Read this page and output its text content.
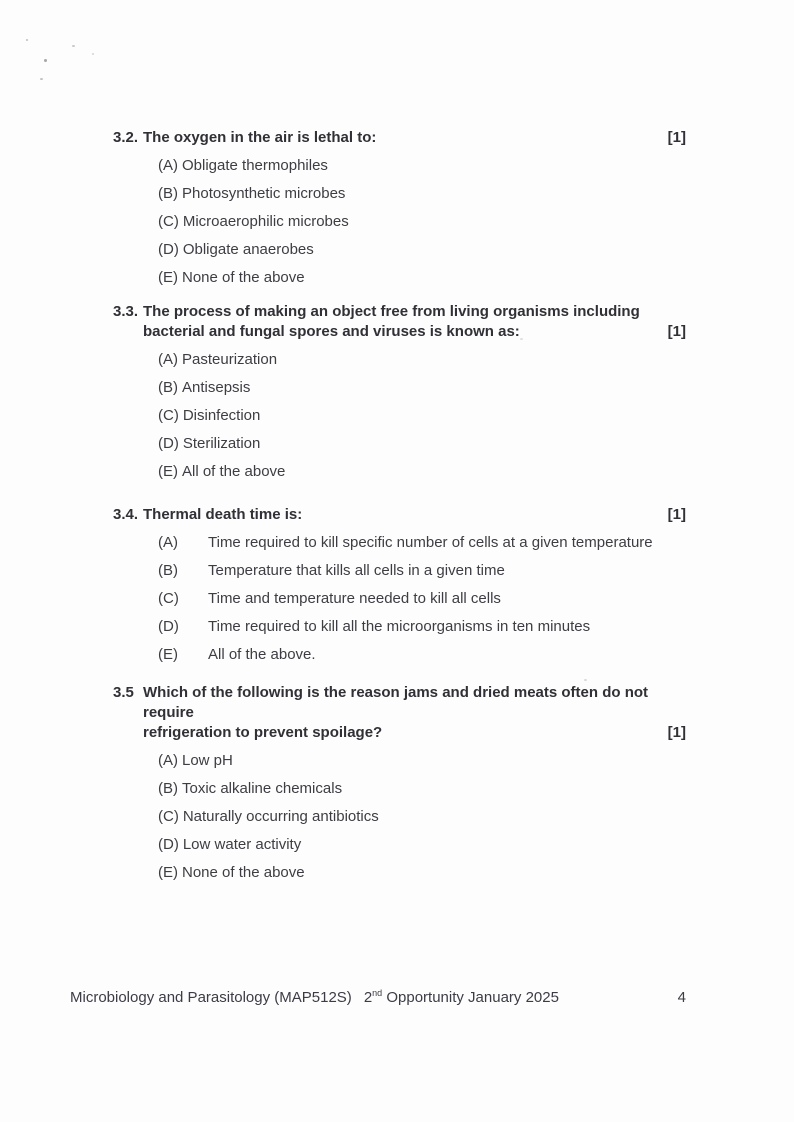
3.2. The oxygen in the air is lethal to:	[1]
(A) Obligate thermophiles
(B) Photosynthetic microbes
(C) Microaerophilic microbes
(D) Obligate anaerobes
(E) None of the above
3.3. The process of making an object free from living organisms including
bacterial and fungal spores and viruses is known as:	[1]
(A) Pasteurization
(B) Antisepsis
(C) Disinfection
(D) Sterilization
(E) All of the above
3.4. Thermal death time is:	[1]
(A) Time required to kill specific number of cells at a given temperature
(B) Temperature that kills all cells in a given time
(C) Time and temperature needed to kill all cells
(D) Time required to kill all the microorganisms in ten minutes
(E) All of the above.
3.5 Which of the following is the reason jams and dried meats often do not require
refrigeration to prevent spoilage?	[1]
(A) Low pH
(B) Toxic alkaline chemicals
(C) Naturally occurring antibiotics
(D) Low water activity
(E) None of the above
Microbiology and Parasitology (MAP512S) 2nd Opportunity January 2025	4
